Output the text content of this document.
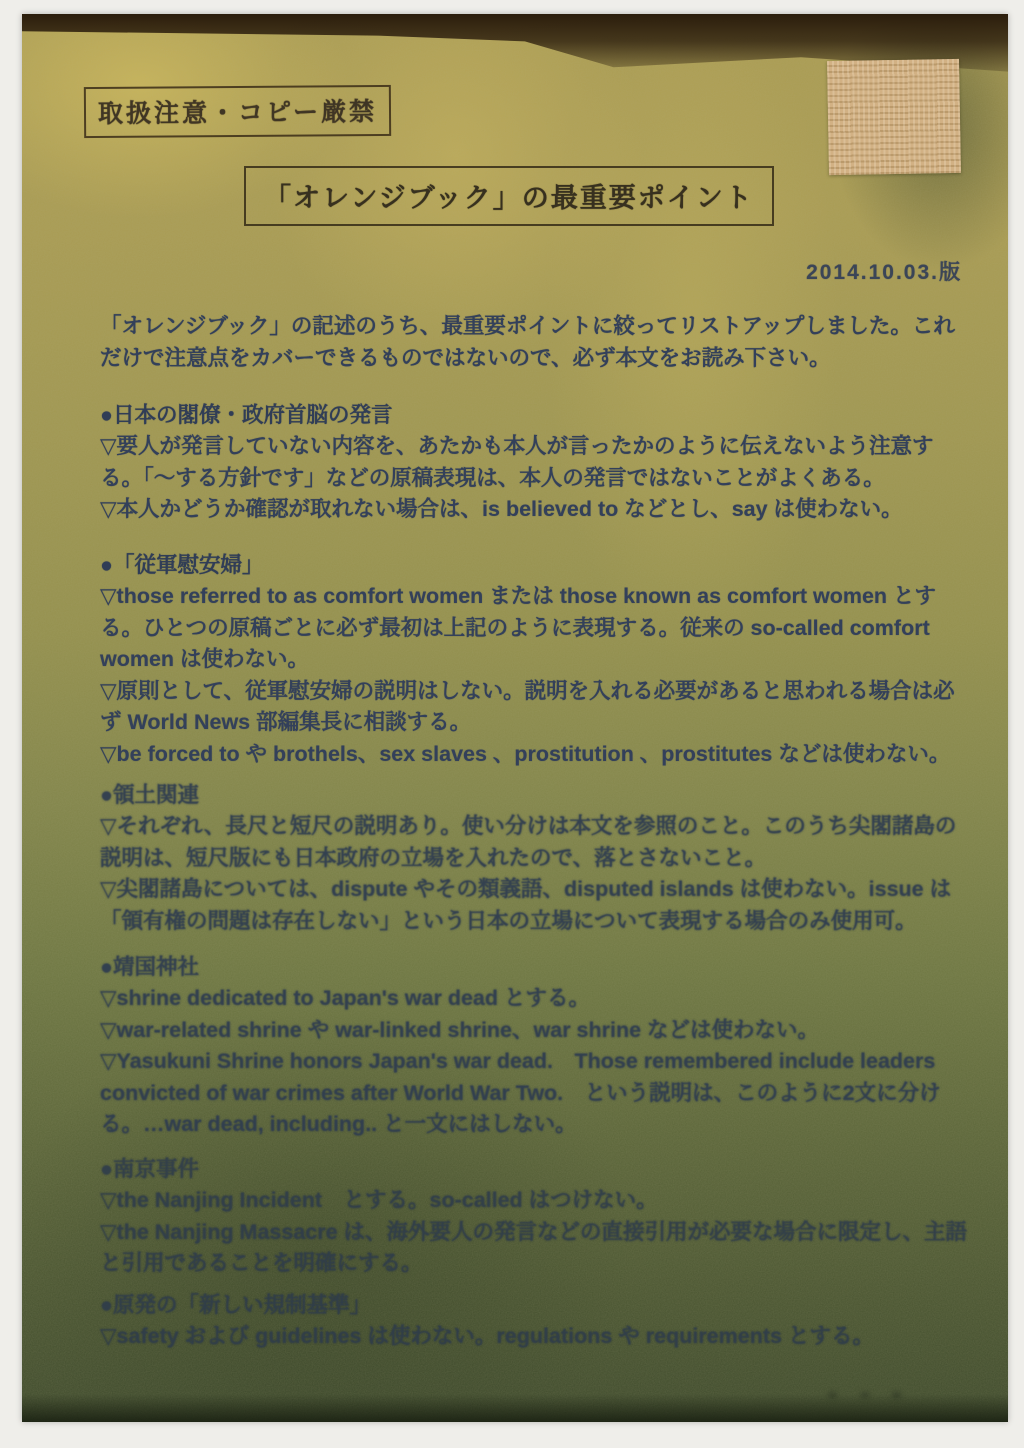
取扱注意・コピー厳禁
「オレンジブック」の最重要ポイント
2014.10.03.版

「オレンジブック」の記述のうち、最重要ポイントに絞ってリストアップしました。これだけで注意点をカバーできるものではないので、必ず本文をお読み下さい。

●日本の閣僚・政府首脳の発言

▽要人が発言していない内容を、あたかも本人が言ったかのように伝えないよう注意する。「～する方針です」などの原稿表現は、本人の発言ではないことがよくある。

▽本人かどうか確認が取れない場合は、is believed to などとし、say は使わない。

●「従軍慰安婦」

▽those referred to as comfort women または those known as comfort women とする。ひとつの原稿ごとに必ず最初は上記のように表現する。従来の so-called comfort women は使わない。

▽原則として、従軍慰安婦の説明はしない。説明を入れる必要があると思われる場合は必ず World News 部編集長に相談する。

▽be forced to や brothels、sex slaves 、prostitution 、prostitutes などは使わない。

●領土関連

▽それぞれ、長尺と短尺の説明あり。使い分けは本文を参照のこと。このうち尖閣諸島の説明は、短尺版にも日本政府の立場を入れたので、落とさないこと。

▽尖閣諸島については、dispute やその類義語、disputed islands は使わない。issue は「領有権の問題は存在しない」という日本の立場について表現する場合のみ使用可。

●靖国神社

▽shrine dedicated to Japan's war dead とする。

▽war-related shrine や war-linked shrine、war shrine などは使わない。

▽Yasukuni Shrine honors Japan's war dead.　Those remembered include leaders convicted of war crimes after World War Two.　という説明は、このように2文に分ける。…war dead, including.. と一文にはしない。

●南京事件

▽the Nanjing Incident　とする。so-called はつけない。

▽the Nanjing Massacre は、海外要人の発言などの直接引用が必要な場合に限定し、主語と引用であることを明確にする。

●原発の「新しい規制基準」

▽safety および guidelines は使わない。regulations や requirements とする。
